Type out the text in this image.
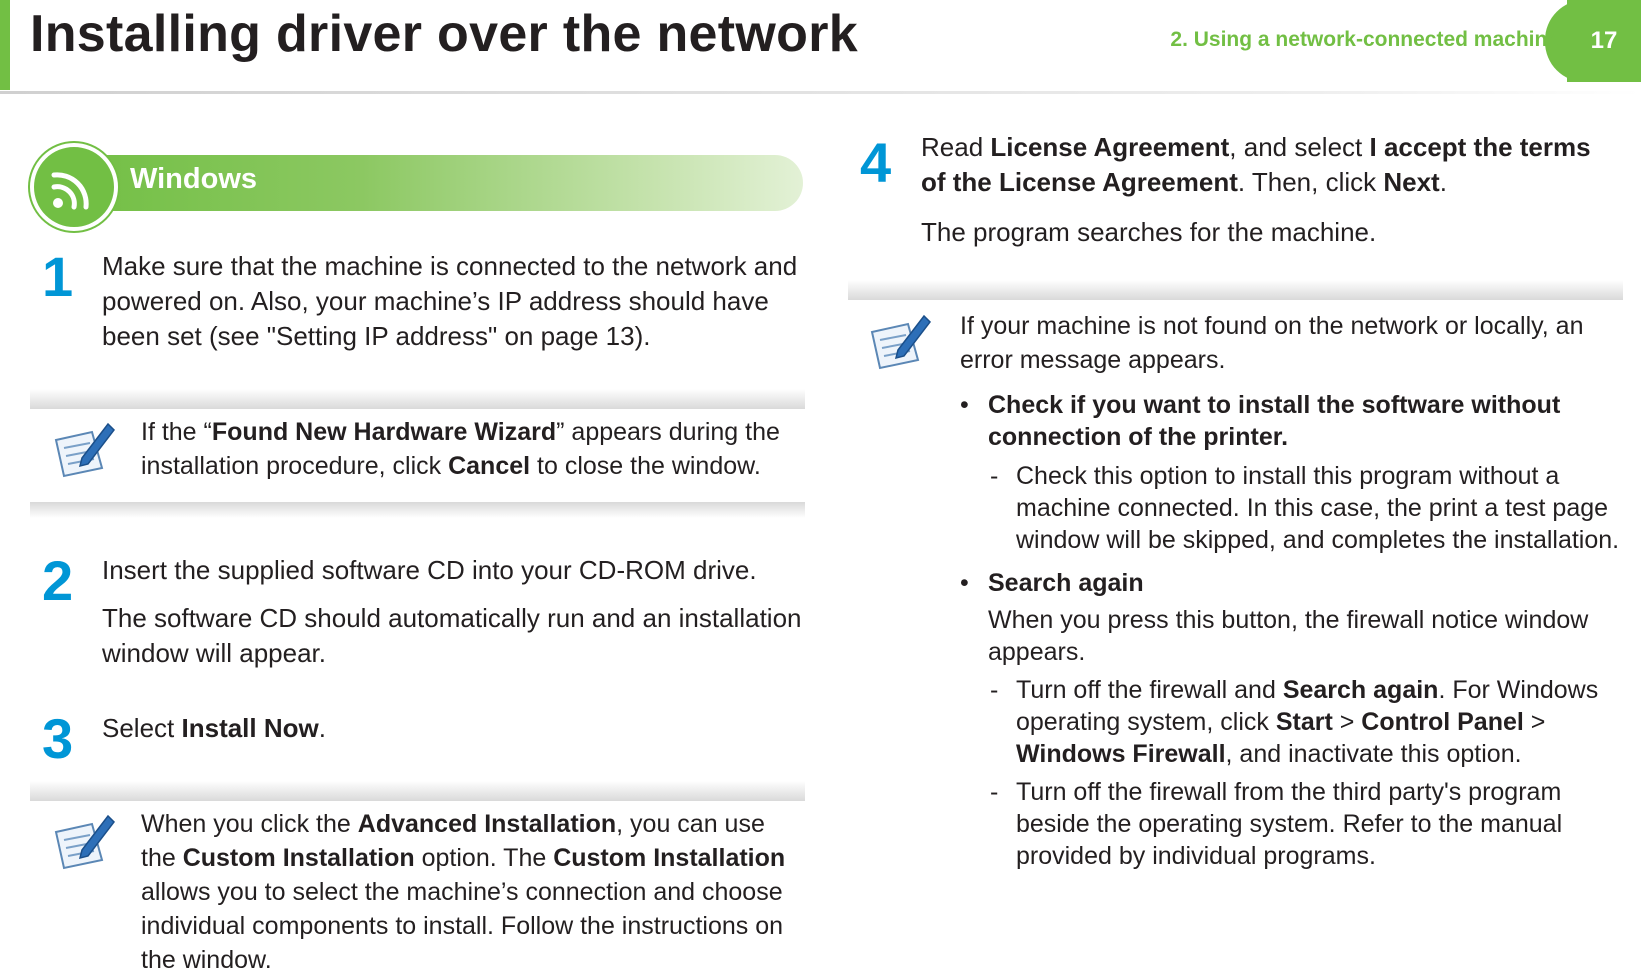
Installing driver over the network	2. Using a network-connected machine 17
Windows
1 Make sure that the machine is connected to the network and powered on. Also, your machine’s IP address should have been set (see "Setting IP address" on page 13).
If the “Found New Hardware Wizard” appears during the installation procedure, click Cancel to close the window.
2 Insert the supplied software CD into your CD-ROM drive.
The software CD should automatically run and an installation window will appear.
3 Select Install Now.
When you click the Advanced Installation, you can use the Custom Installation option. The Custom Installation allows you to select the machine’s connection and choose individual components to install. Follow the instructions on the window.
4 Read License Agreement, and select I accept the terms of the License Agreement. Then, click Next.
The program searches for the machine.
If your machine is not found on the network or locally, an error message appears.
• Check if you want to install the software without connection of the printer.
- Check this option to install this program without a machine connected. In this case, the print a test page window will be skipped, and completes the installation.
• Search again
When you press this button, the firewall notice window appears.
- Turn off the firewall and Search again. For Windows operating system, click Start > Control Panel > Windows Firewall, and inactivate this option.
- Turn off the firewall from the third party's program beside the operating system. Refer to the manual provided by individual programs.
